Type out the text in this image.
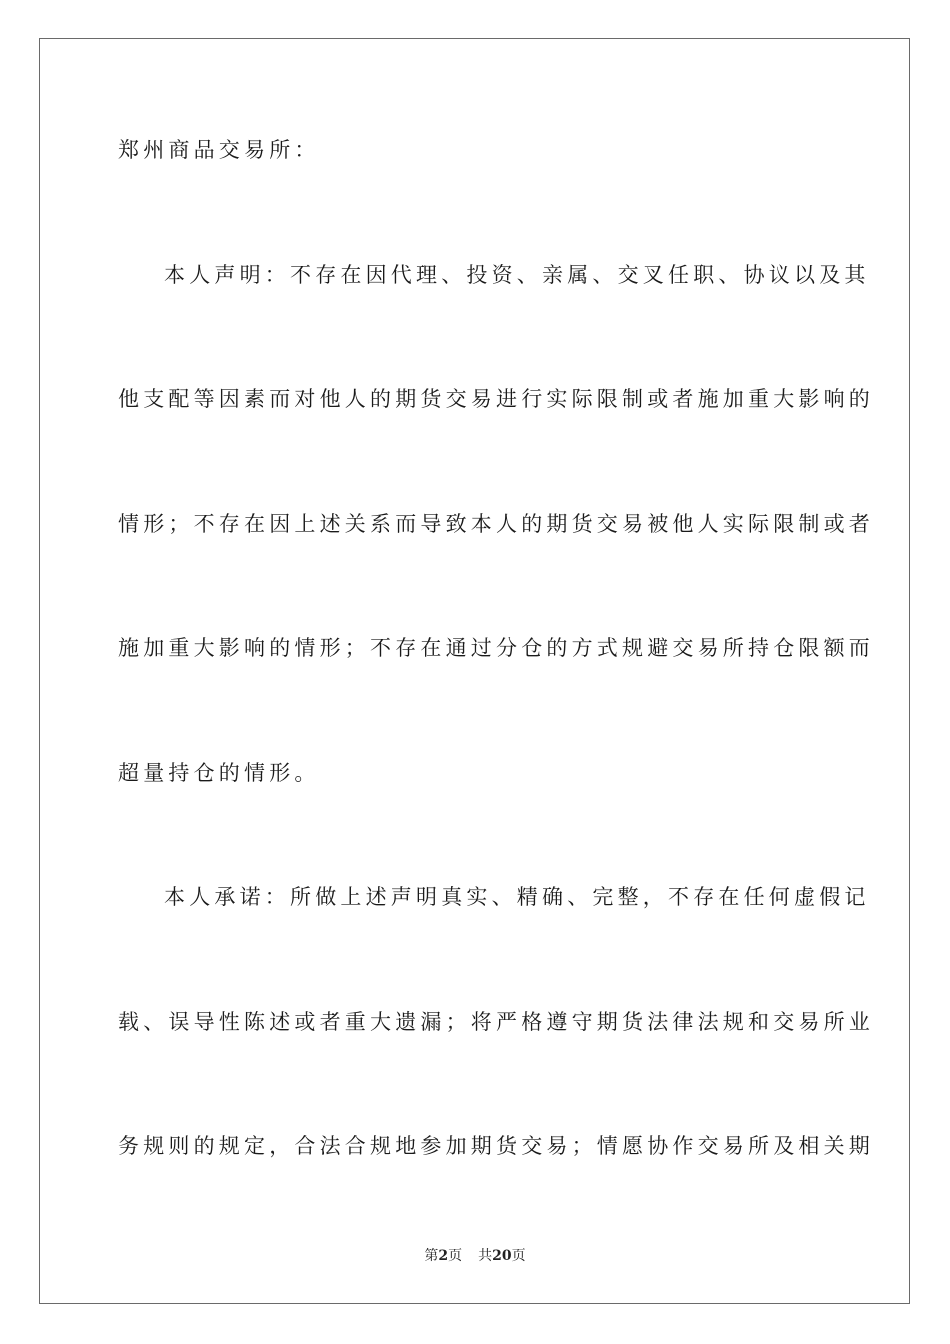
郑州商品交易所：
本人声明：不存在因代理、投资、亲属、交叉任职、协议以及其
他支配等因素而对他人的期货交易进行实际限制或者施加重大影响的
情形；不存在因上述关系而导致本人的期货交易被他人实际限制或者
施加重大影响的情形；不存在通过分仓的方式规避交易所持仓限额而
超量持仓的情形。
本人承诺：所做上述声明真实、精确、完整，不存在任何虚假记
载、误导性陈述或者重大遗漏；将严格遵守期货法律法规和交易所业
务规则的规定，合法合规地参加期货交易；情愿协作交易所及相关期
第2页 共20页
